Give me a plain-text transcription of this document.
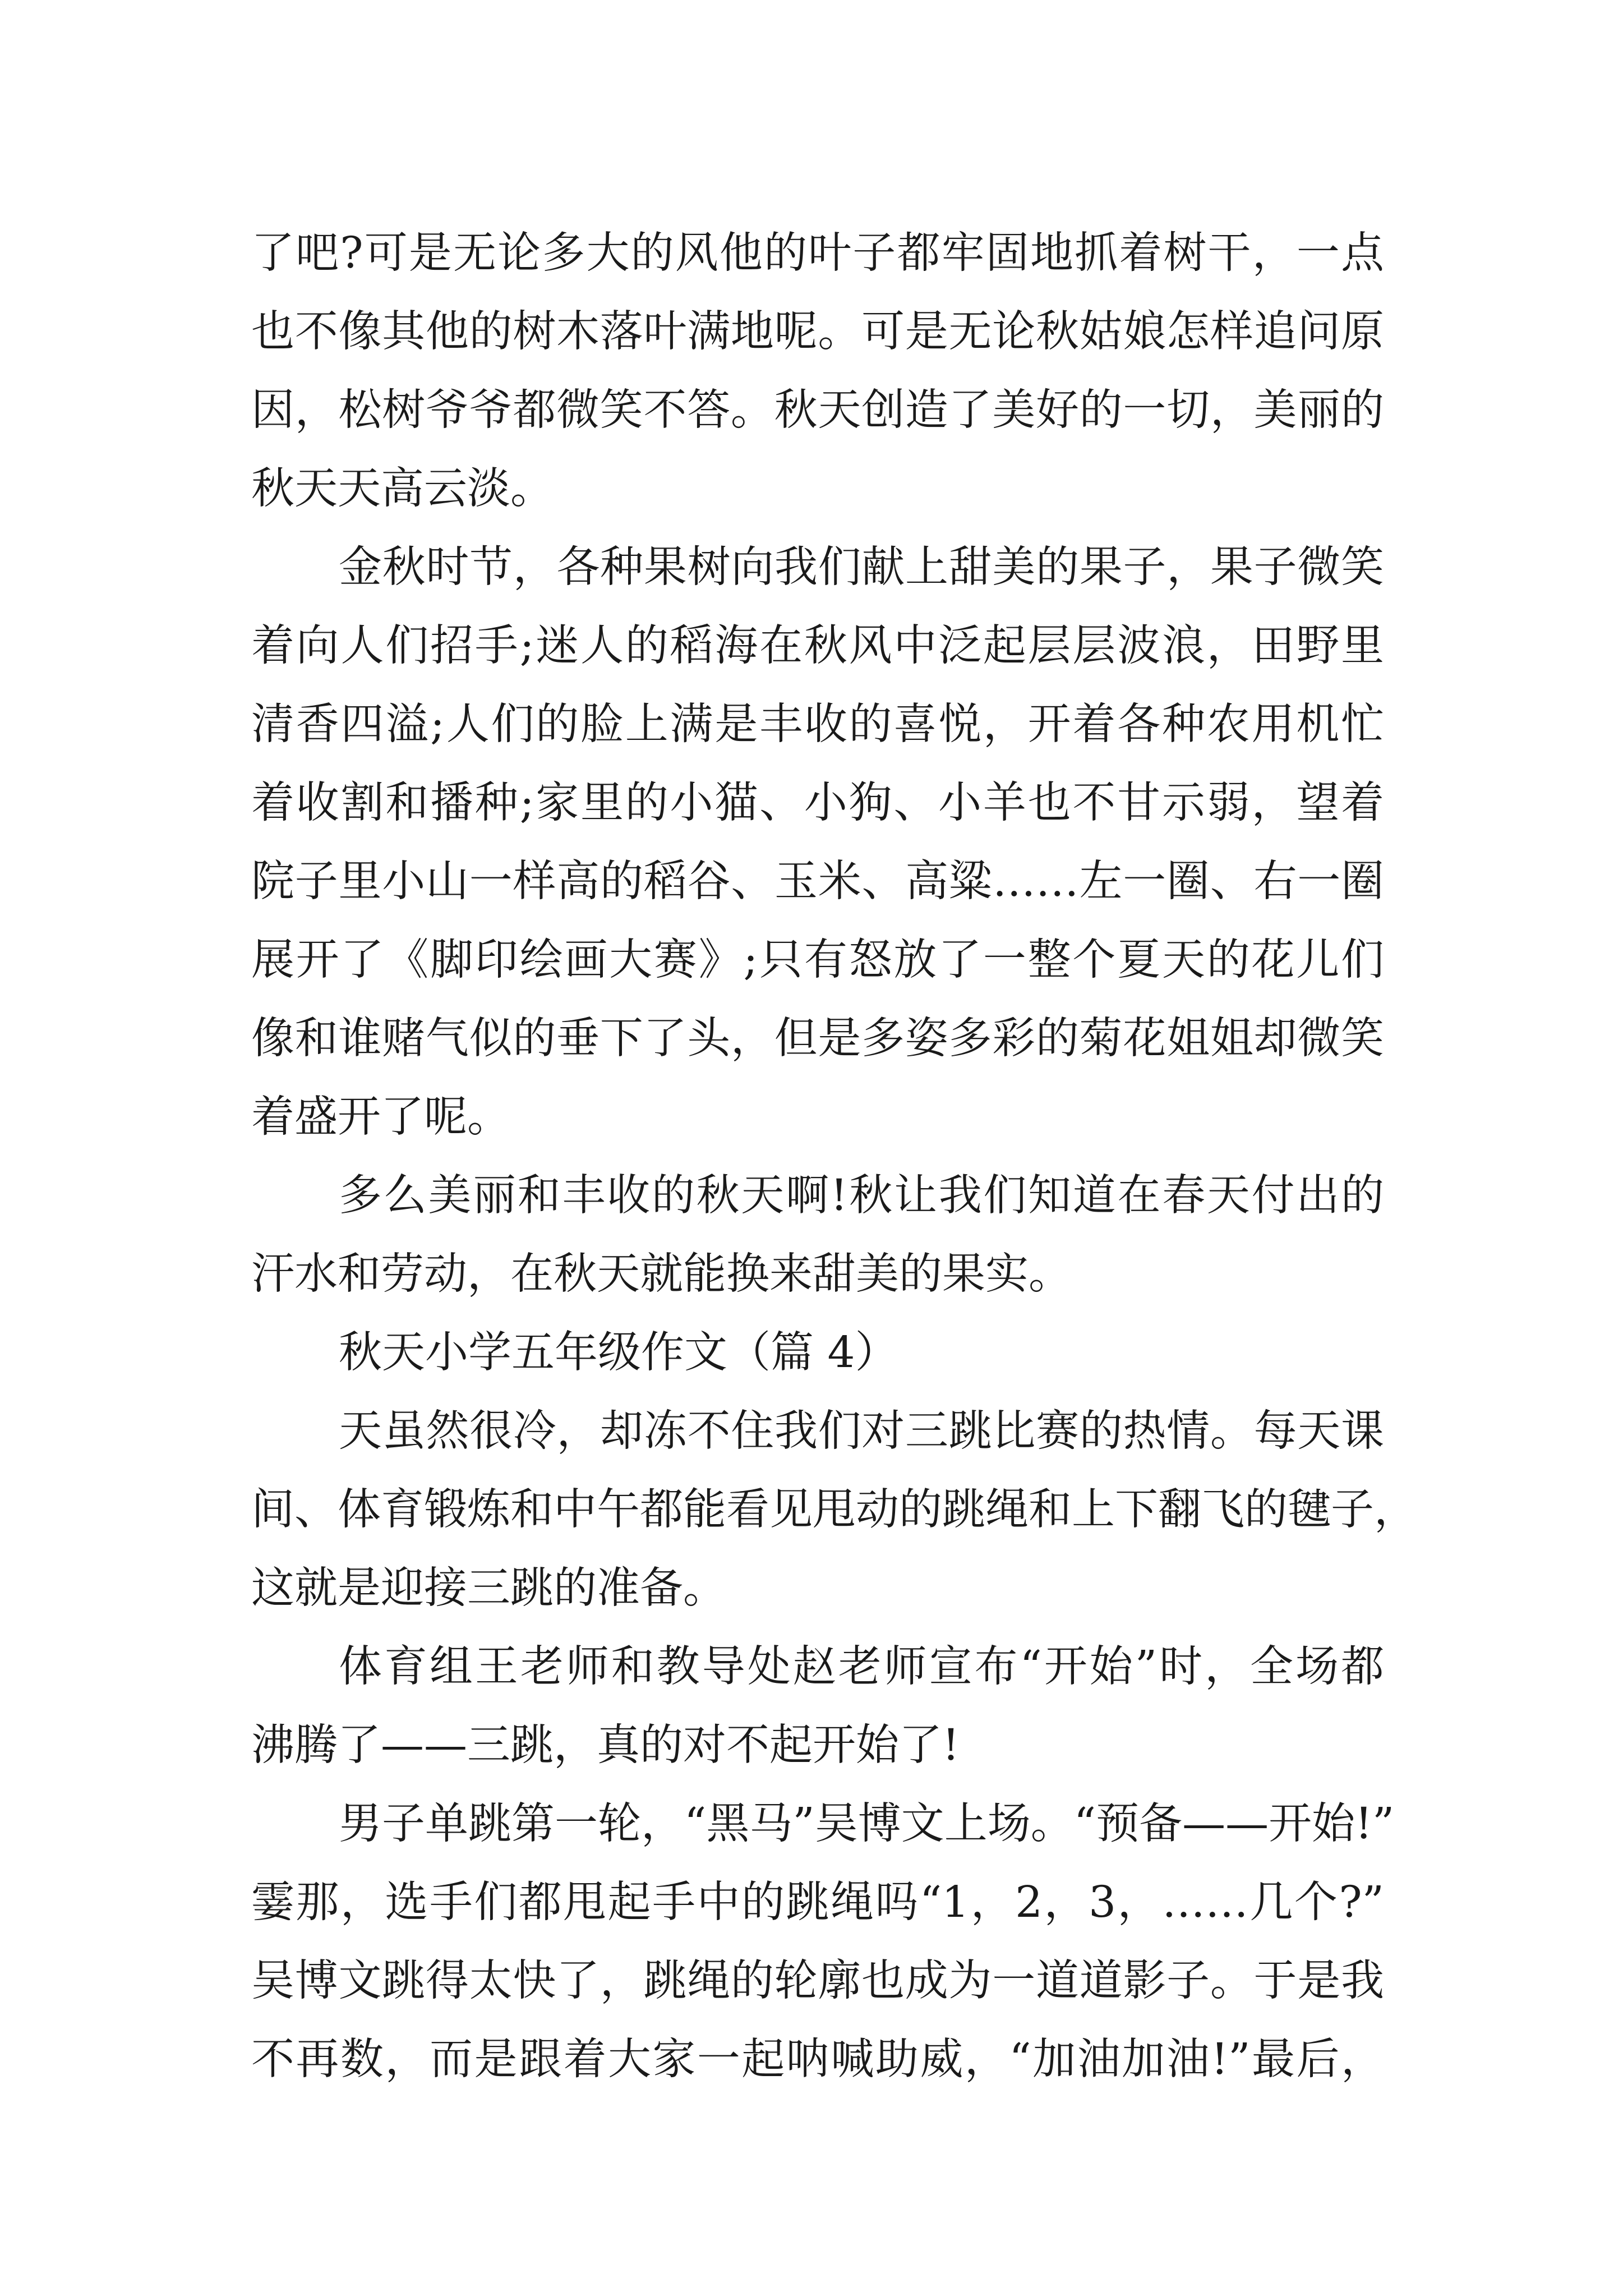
了吧?可是无论多大的风他的叶子都牢固地抓着树干，一点
也不像其他的树木落叶满地呢。可是无论秋姑娘怎样追问原
因，松树爷爷都微笑不答。秋天创造了美好的一切，美丽的
秋天天高云淡。
金秋时节，各种果树向我们献上甜美的果子，果子微笑
着向人们招手;迷人的稻海在秋风中泛起层层波浪，田野里
清香四溢;人们的脸上满是丰收的喜悦，开着各种农用机忙
着收割和播种;家里的小猫、小狗、小羊也不甘示弱，望着
院子里小山一样高的稻谷、玉米、高粱……左一圈、右一圈
展开了《脚印绘画大赛》;只有怒放了一整个夏天的花儿们
像和谁赌气似的垂下了头，但是多姿多彩的菊花姐姐却微笑
着盛开了呢。
多么美丽和丰收的秋天啊!秋让我们知道在春天付出的
汗水和劳动，在秋天就能换来甜美的果实。
秋天小学五年级作文（篇 4）
天虽然很冷，却冻不住我们对三跳比赛的热情。每天课
间、体育锻炼和中午都能看见甩动的跳绳和上下翻飞的毽子，
这就是迎接三跳的准备。
体育组王老师和教导处赵老师宣布“开始”时，全场都
沸腾了——三跳，真的对不起开始了!
男子单跳第一轮，“黑马”吴博文上场。“预备——开始!”
霎那，选手们都甩起手中的跳绳吗“1，2，3，……几个?”
吴博文跳得太快了，跳绳的轮廓也成为一道道影子。于是我
不再数，而是跟着大家一起呐喊助威，“加油加油!”最后，
